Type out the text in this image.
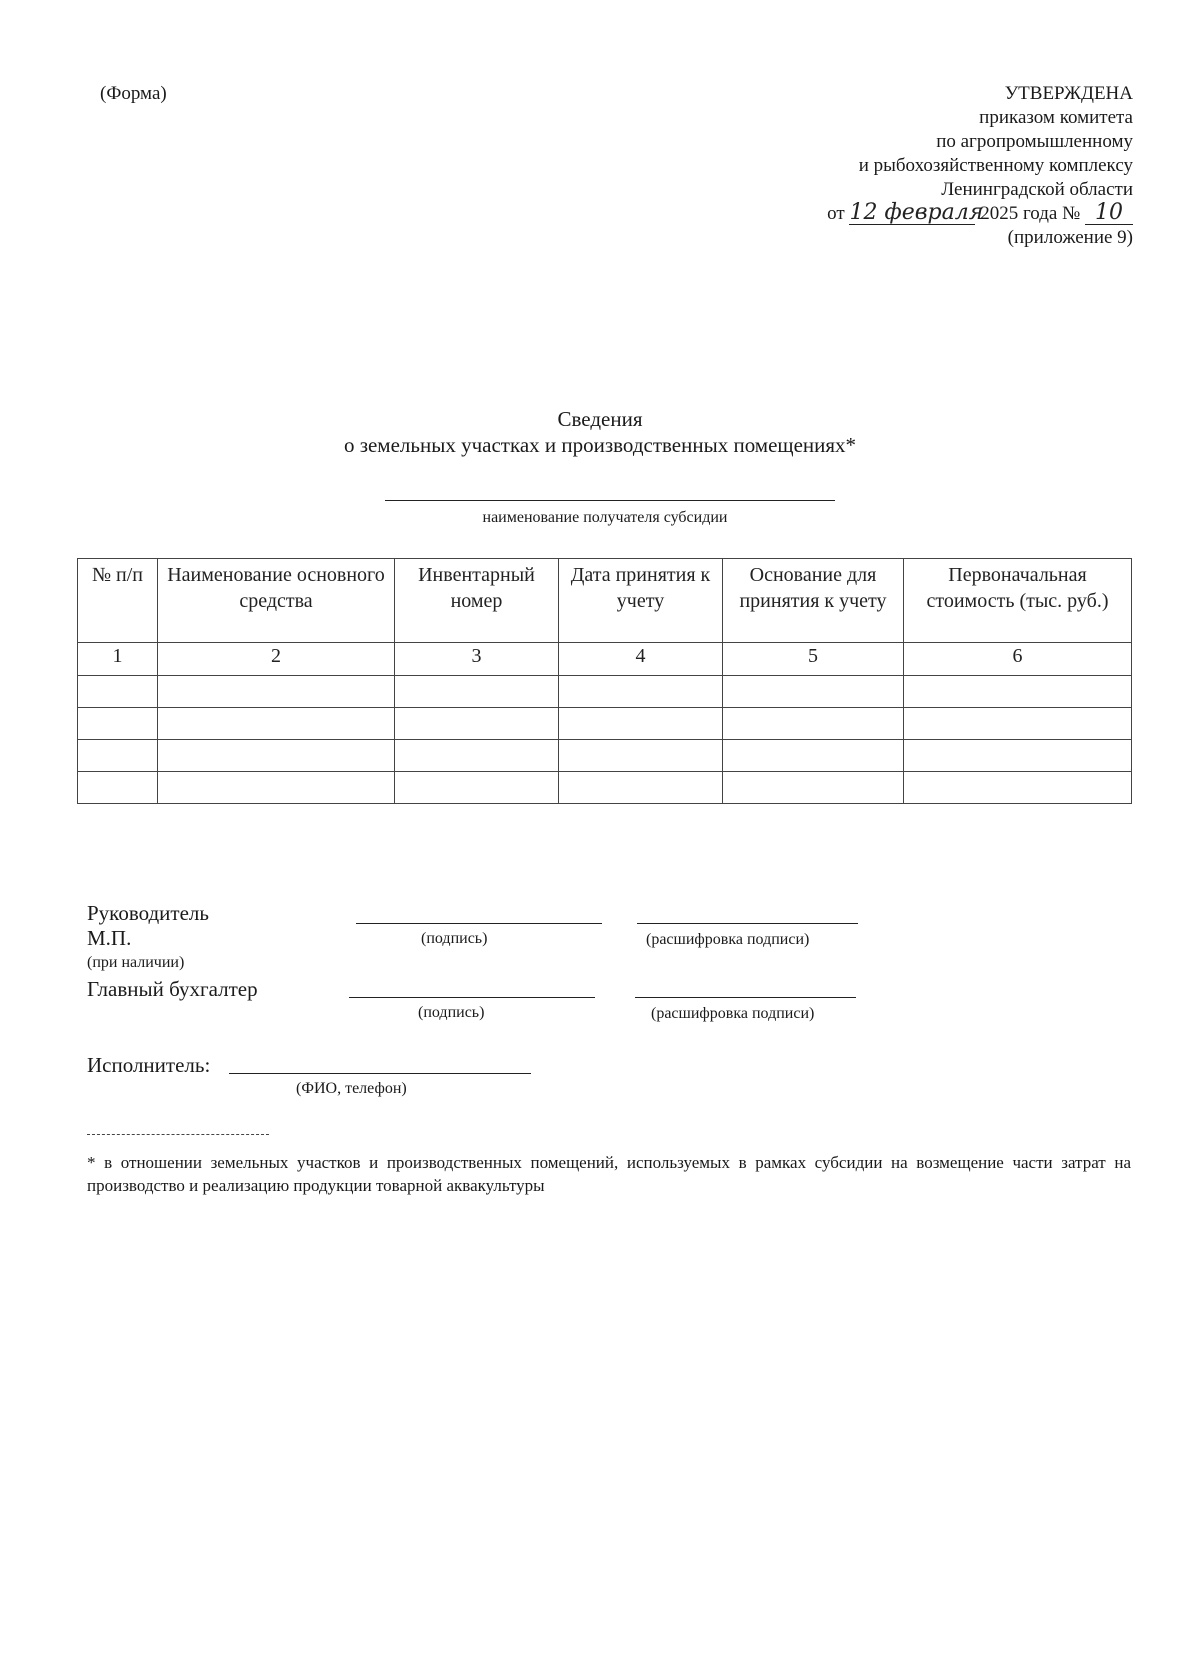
(Форма)	УТВЕРЖДЕНА
приказом комитета
по агропромышленному
и рыбохозяйственному комплексу
Ленинградской области
от 12 февраля 2025 года № 10
(приложение 9)
Сведения
о земельных участках и производственных помещениях*
наименование получателя субсидии
№ п/п	Наименование основного средства	Инвентарный номер	Дата принятия к учету	Основание для принятия к учету	Первоначальная стоимость (тыс. руб.)
1	2	3	4	5	6

Руководитель
М.П.	(подпись)	(расшифровка подписи)
(при наличии)
Главный бухгалтер
(подпись)	(расшифровка подписи)
Исполнитель:
(ФИО, телефон)
* в отношении земельных участков и производственных помещений, используемых в рамках субсидии на возмещение части затрат на производство и реализацию продукции товарной аквакультуры
